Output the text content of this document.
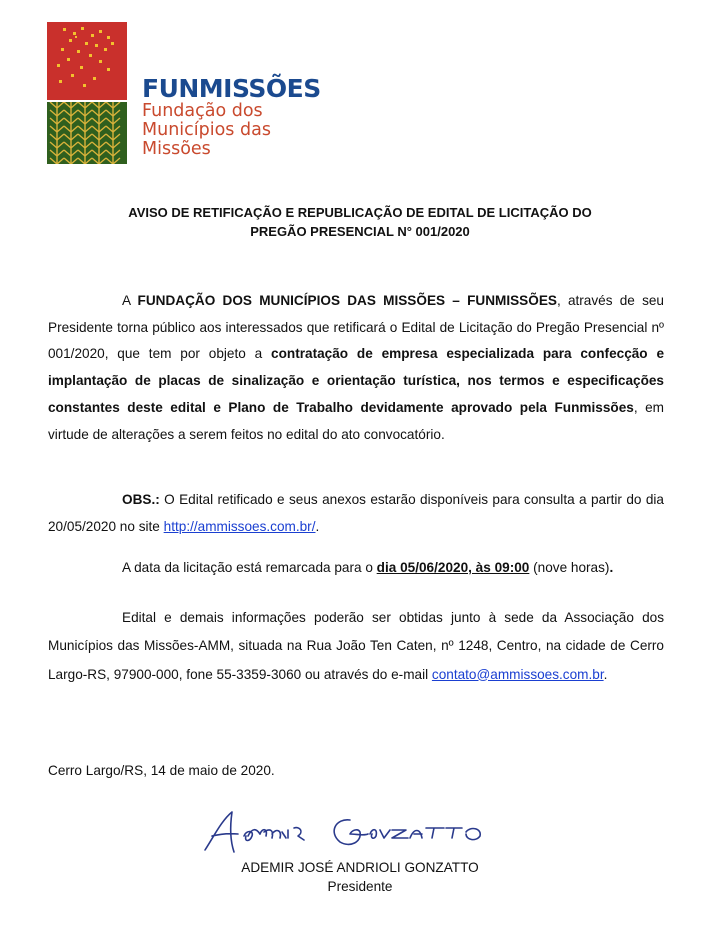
FUNMISSÕES

Fundação dos
Municípios das
Missões

AVISO DE RETIFICAÇÃO E REPUBLICAÇÃO DE EDITAL DE LICITAÇÃO DO
PREGÃO PRESENCIAL N° 001/2020

A FUNDAÇÃO DOS MUNICÍPIOS DAS MISSÕES – FUNMISSÕES, através de seu Presidente torna público aos interessados que retificará o Edital de Licitação do Pregão Presencial nº 001/2020, que tem por objeto a contratação de empresa especializada para confecção e implantação de placas de sinalização e orientação turística, nos termos e especificações constantes deste edital e Plano de Trabalho devidamente aprovado pela Funmissões, em virtude de alterações a serem feitos no edital do ato convocatório.

OBS.: O Edital retificado e seus anexos estarão disponíveis para consulta a partir do dia 20/05/2020 no site http://ammissoes.com.br/.

A data da licitação está remarcada para o dia 05/06/2020, às 09:00 (nove horas).

Edital e demais informações poderão ser obtidas junto à sede da Associação dos Municípios das Missões-AMM, situada na Rua João Ten Caten, nº 1248, Centro, na cidade de Cerro Largo-RS, 97900-000, fone 55-3359-3060 ou através do e-mail contato@ammissoes.com.br.

Cerro Largo/RS, 14 de maio de 2020.

ADEMIR JOSÉ ANDRIOLI GONZATTO
Presidente
